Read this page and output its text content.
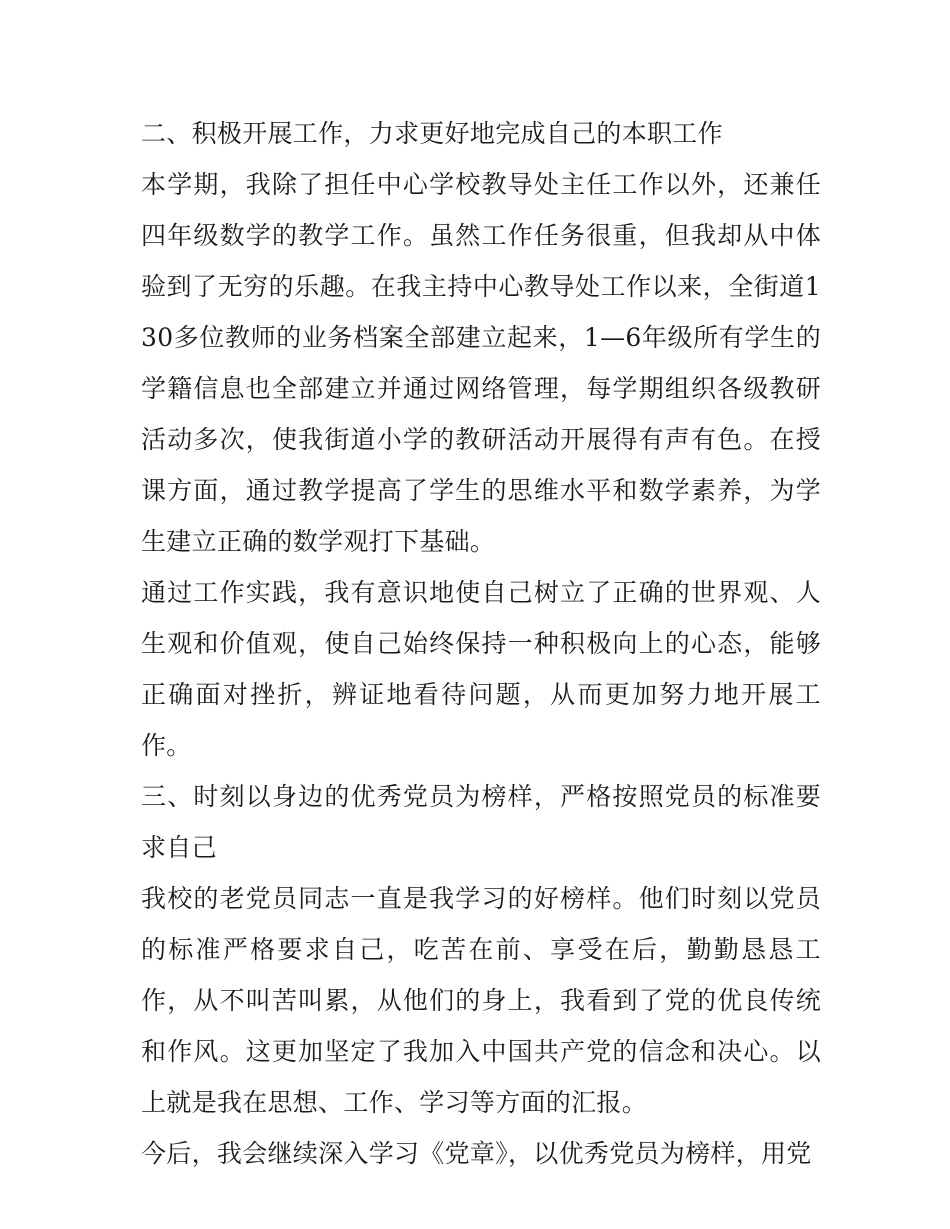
二、积极开展工作，力求更好地完成自己的本职工作

本学期，我除了担任中心学校教导处主任工作以外，还兼任四年级数学的教学工作。虽然工作任务很重，但我却从中体验到了无穷的乐趣。在我主持中心教导处工作以来，全街道130多位教师的业务档案全部建立起来，1—6年级所有学生的学籍信息也全部建立并通过网络管理，每学期组织各级教研活动多次，使我街道小学的教研活动开展得有声有色。在授课方面，通过教学提高了学生的思维水平和数学素养，为学生建立正确的数学观打下基础。

通过工作实践，我有意识地使自己树立了正确的世界观、人生观和价值观，使自己始终保持一种积极向上的心态，能够正确面对挫折，辨证地看待问题，从而更加努力地开展工作。

三、时刻以身边的优秀党员为榜样，严格按照党员的标准要求自己

我校的老党员同志一直是我学习的好榜样。他们时刻以党员的标准严格要求自己，吃苦在前、享受在后，勤勤恳恳工作，从不叫苦叫累，从他们的身上，我看到了党的优良传统和作风。这更加坚定了我加入中国共产党的信念和决心。以上就是我在思想、工作、学习等方面的汇报。

今后，我会继续深入学习《党章》，以优秀党员为榜样，用党
